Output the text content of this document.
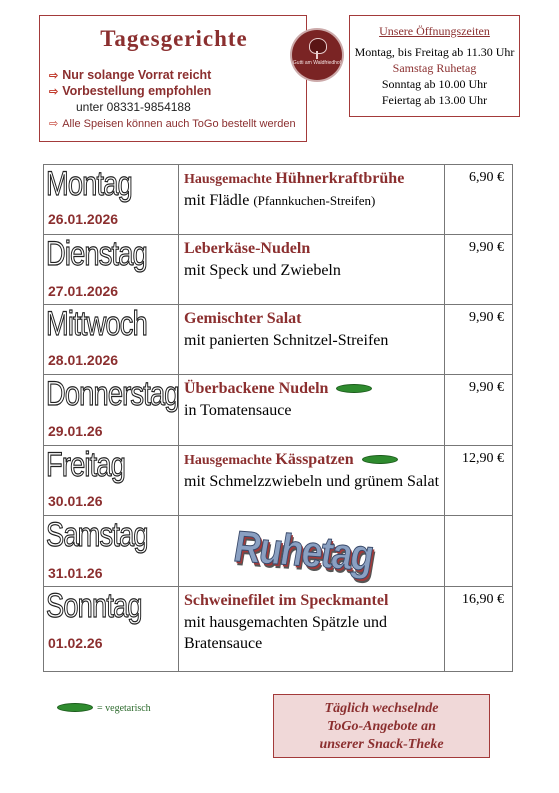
Tagesgerichte
⇨ Nur solange Vorrat reicht
⇨ Vorbestellung empfohlen
unter 08331-9854188
⇨ Alle Speisen können auch ToGo bestellt werden
Gutti am Waldfriedhof
Unsere Öffnungszeiten
Montag, bis Freitag ab 11.30 Uhr
Samstag Ruhetag
Sonntag ab 10.00 Uhr
Feiertag ab 13.00 Uhr
Montag
26.01.2026
Hausgemachte Hühnerkraftbrühe
mit Flädle (Pfannkuchen-Streifen)
6,90 €
Dienstag
27.01.2026
Leberkäse-Nudeln
mit Speck und Zwiebeln
9,90 €
Mittwoch
28.01.2026
Gemischter Salat
mit panierten Schnitzel-Streifen
9,90 €
Donnerstag
29.01.26
Überbackene Nudeln
in Tomatensauce
9,90 €
Freitag
30.01.26
Hausgemachte Kässpatzen
mit Schmelzzwiebeln und grünem Salat
12,90 €
Samstag
31.01.26	Ruhetag
Sonntag
01.02.26
Schweinefilet im Speckmantel
mit hausgemachten Spätzle und Bratensauce
16,90 €
= vegetarisch	Täglich wechselnde
ToGo-Angebote an
unserer Snack-Theke
